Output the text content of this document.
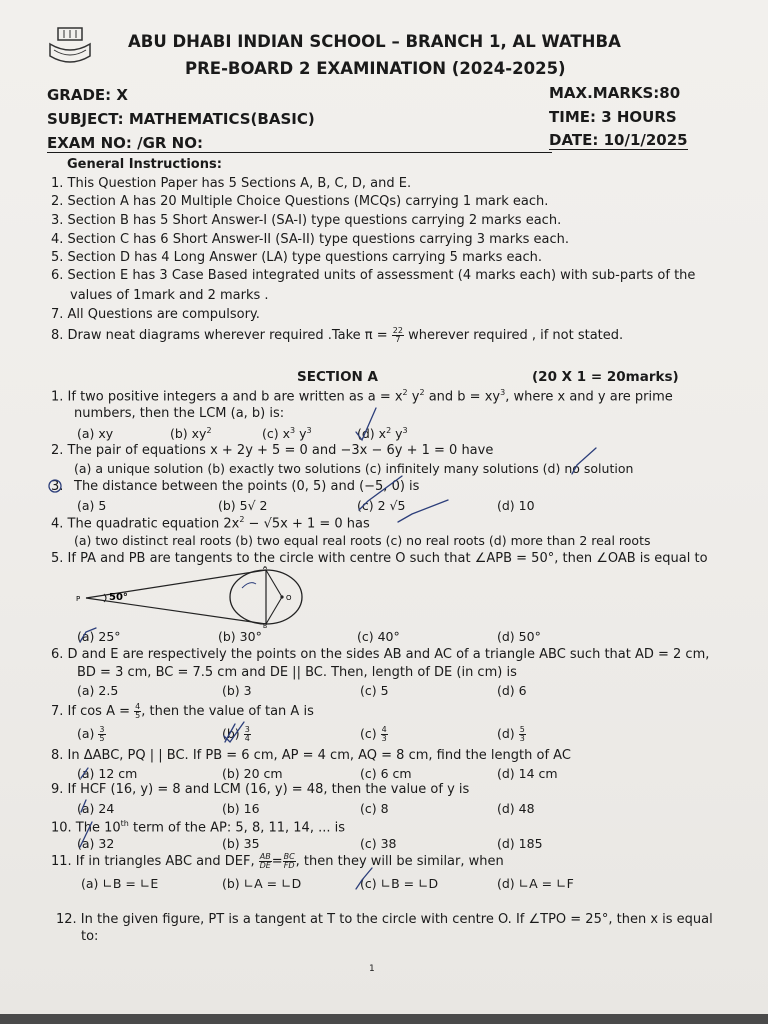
ABU DHABI INDIAN SCHOOL – BRANCH 1, AL WATHBA
PRE-BOARD 2 EXAMINATION (2024-2025)
GRADE: X	MAX.MARKS:80
SUBJECT: MATHEMATICS(BASIC)	TIME: 3 HOURS
EXAM NO: /GR NO:	DATE: 10/1/2025
General Instructions:
1. This Question Paper has 5 Sections A, B, C, D, and E.
2. Section A has 20 Multiple Choice Questions (MCQs) carrying 1 mark each.
3. Section B has 5 Short Answer-I (SA-I) type questions carrying 2 marks each.
4. Section C has 6 Short Answer-II (SA-II) type questions carrying 3 marks each.
5. Section D has 4 Long Answer (LA) type questions carrying 5 marks each.
6. Section E has 3 Case Based integrated units of assessment (4 marks each) with sub-parts of the
values of 1mark and 2 marks .
7. All Questions are compulsory.
8. Draw neat diagrams wherever required .Take $\pi = \frac{22}{7}$ wherever required , if not stated.
SECTION A	(20 X 1 = 20marks)
1. If two positive integers a and b are written as $a = x^2$ $y^2$ and $b = xy^3$, where x and y are prime
numbers, then the LCM (a, b) is:
(a) xy	(b) $xy^2$	(c) $x^3$ $y^3$	(d) $x^2$ $y^3$
2. The pair of equations x + 2y + 5 = 0 and −3x − 6y + 1 = 0 have
(a) a unique solution (b) exactly two solutions (c) infinitely many solutions (d) no solution
3. The distance between the points (0, 5) and (−5, 0) is
(a) 5	(b) 5√ 2	(c) 2 √5	(d) 10
4. The quadratic equation $2x^2 - √5x + 1 = 0$ has
(a) two distinct real roots (b) two equal real roots (c) no real roots (d) more than 2 real roots
5. If PA and PB are tangents to the circle with centre O such that ∠APB = 50°, then ∠OAB is equal to
P	50°
A
B
O
(a) 25°	(b) 30°	(c) 40°	(d) 50°
6. D and E are respectively the points on the sides AB and AC of a triangle ABC such that AD = 2 cm,
BD = 3 cm, BC = 7.5 cm and DE || BC. Then, length of DE (in cm) is
(a) 2.5	(b) 3	(c) 5	(d) 6
7. If $\cos A = \frac{4}{5}$ , then the value of tan A is
$(a) \frac{3}{5}$	$(b) \frac{3}{4}$	$(c) \frac{4}{3}$	$(d) \frac{5}{3}$
8. In ΔABC, PQ | | BC. If PB = 6 cm, AP = 4 cm, AQ = 8 cm, find the length of AC
(a) 12 cm	(b) 20 cm	(c) 6 cm	(d) 14 cm
9. If HCF (16, y) = 8 and LCM (16, y) = 48, then the value of y is
(a) 24	(b) 16	(c) 8	(d) 48
10. The 10th term of the AP: 5, 8, 11, 14, ... is
(a) 32	(b) 35	(c) 38	(d) 185
11. If in triangles ABC and DEF, $\frac{AB}{DE} = \frac{BC}{FD}$ , then they will be similar, when
(a) ∟B = ∟E	(b) ∟A = ∟D	(c) ∟B = ∟D	(d) ∟A = ∟F
12. In the given figure, PT is a tangent at T to the circle with centre O. If ∠TPO = 25°, then x is equal
to:
1
